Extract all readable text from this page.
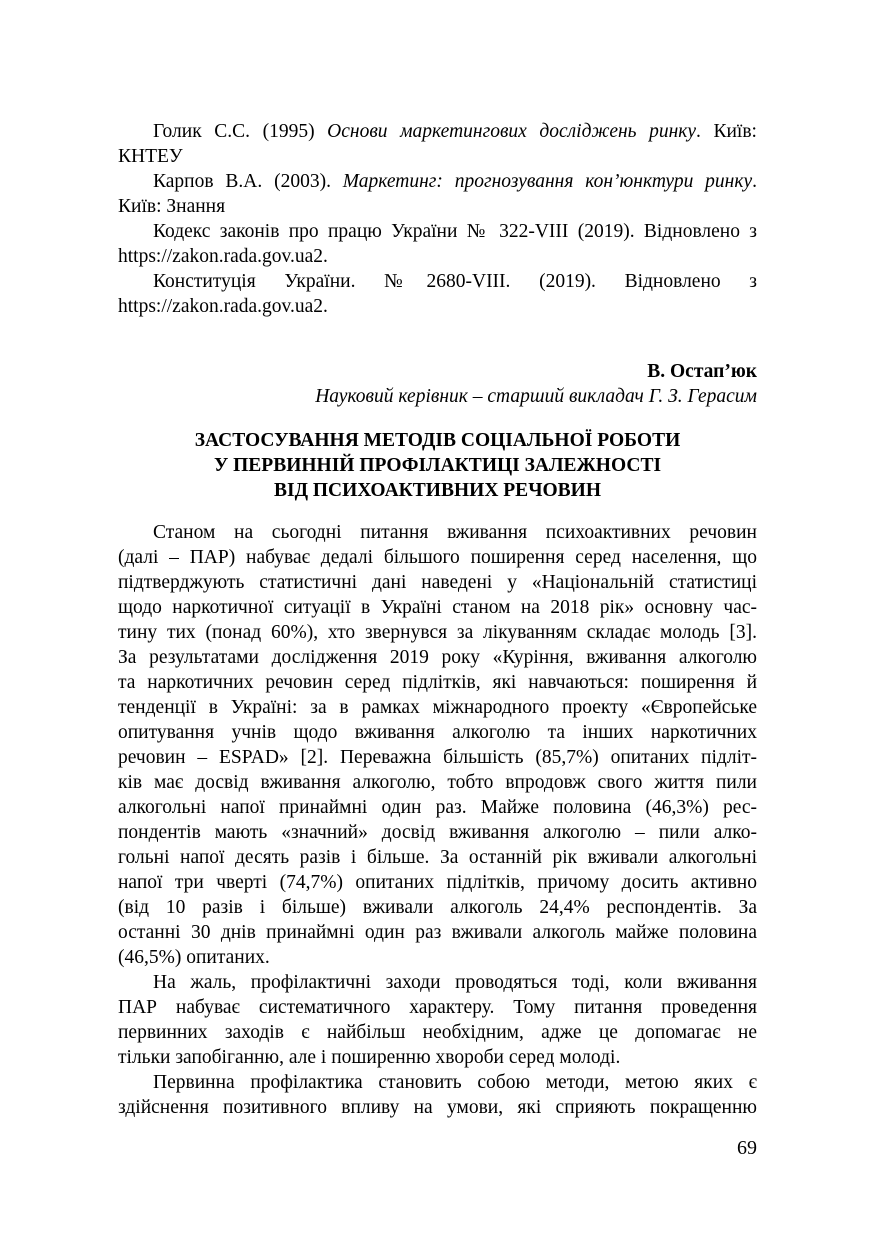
Голик С.С. (1995) Основи маркетингових досліджень ринку. Київ:
КНТЕУ
Карпов В.А. (2003). Маркетинг: прогнозування кон’юнктури ринку.
Київ: Знання
Кодекс законів про працю України № 322-VIII (2019). Відновлено з
https://zakon.rada.gov.ua2.
Конституція України. №2680-VIII. (2019). Відновлено з
https://zakon.rada.gov.ua2.
В. Остап’юк
Науковий керівник – старший викладач Г. З. Герасим
ЗАСТОСУВАННЯ МЕТОДІВ СОЦІАЛЬНОЇ РОБОТИ
У ПЕРВИННІЙ ПРОФІЛАКТИЦІ ЗАЛЕЖНОСТІ
ВІД ПСИХОАКТИВНИХ РЕЧОВИН
Станом на сьогодні питання вживання психоактивних речовин
(далі – ПАР) набуває дедалі більшого поширення серед населення, що
підтверджують статистичні дані наведені у «Національній статистиці
щодо наркотичної ситуації в Україні станом на 2018 рік» основну час-
тину тих (понад 60%), хто звернувся за лікуванням складає молодь [3].
За результатами дослідження 2019 року «Куріння, вживання алкоголю
та наркотичних речовин серед підлітків, які навчаються: поширення й
тенденції в Україні: за в рамках міжнародного проекту «Європейське
опитування учнів щодо вживання алкоголю та інших наркотичних
речовин – ESPAD» [2]. Переважна більшість (85,7%) опитаних підліт-
ків має досвід вживання алкоголю, тобто впродовж свого життя пили
алкогольні напої принаймні один раз. Майже половина (46,3%) рес-
пондентів мають «значний» досвід вживання алкоголю – пили алко-
гольні напої десять разів і більше. За останній рік вживали алкогольні
напої три чверті (74,7%) опитаних підлітків, причому досить активно
(від 10 разів і більше) вживали алкоголь 24,4% респондентів. За
останні 30 днів принаймні один раз вживали алкоголь майже половина
(46,5%) опитаних.
На жаль, профілактичні заходи проводяться тоді, коли вживання
ПАР набуває систематичного характеру. Тому питання проведення
первинних заходів є найбільш необхідним, адже це допомагає не
тільки запобіганню, але і поширенню хвороби серед молоді.
Первинна профілактика становить собою методи, метою яких є
здійснення позитивного впливу на умови, які сприяють покращенню
69
